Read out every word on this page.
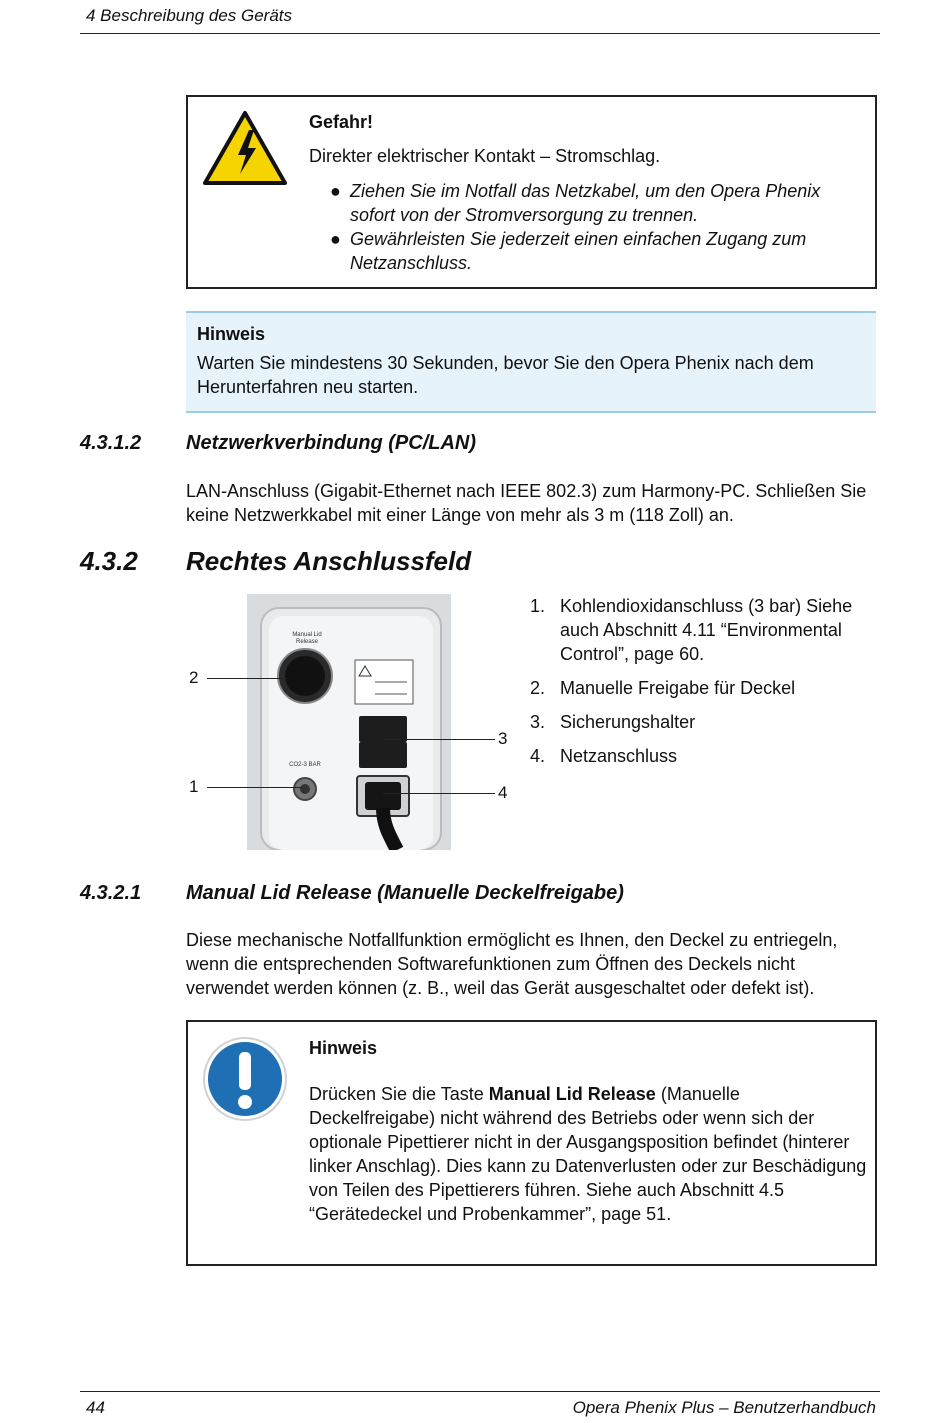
4 Beschreibung des Geräts
Gefahr!
Direkter elektrischer Kontakt – Stromschlag.
● Ziehen Sie im Notfall das Netzkabel, um den Opera Phenix sofort von der Stromversorgung zu trennen.
● Gewährleisten Sie jederzeit einen einfachen Zugang zum Netzanschluss.
Hinweis
Warten Sie mindestens 30 Sekunden, bevor Sie den Opera Phenix nach dem Herunterfahren neu starten.
4.3.1.2 Netzwerkverbindung (PC/LAN)
LAN-Anschluss (Gigabit-Ethernet nach IEEE 802.3) zum Harmony-PC. Schließen Sie keine Netzwerkkabel mit einer Länge von mehr als 3 m (118 Zoll) an.
4.3.2 Rechtes Anschlussfeld
Manual Lid
Release
CO2-3 BAR
2
1
3
4
1. Kohlendioxidanschluss (3 bar) Siehe auch Abschnitt 4.11 “Environmental Control”, page 60.
2. Manuelle Freigabe für Deckel
3. Sicherungshalter
4. Netzanschluss
4.3.2.1 Manual Lid Release (Manuelle Deckelfreigabe)
Diese mechanische Notfallfunktion ermöglicht es Ihnen, den Deckel zu entriegeln, wenn die entsprechenden Softwarefunktionen zum Öffnen des Deckels nicht verwendet werden können (z. B., weil das Gerät ausgeschaltet oder defekt ist).
Hinweis
Drücken Sie die Taste Manual Lid Release (Manuelle Deckelfreigabe) nicht während des Betriebs oder wenn sich der optionale Pipettierer nicht in der Ausgangsposition befindet (hinterer linker Anschlag). Dies kann zu Datenverlusten oder zur Beschädigung von Teilen des Pipettierers führen. Siehe auch Abschnitt 4.5 “Gerätedeckel und Probenkammer”, page 51.
44	Opera Phenix Plus – Benutzerhandbuch
